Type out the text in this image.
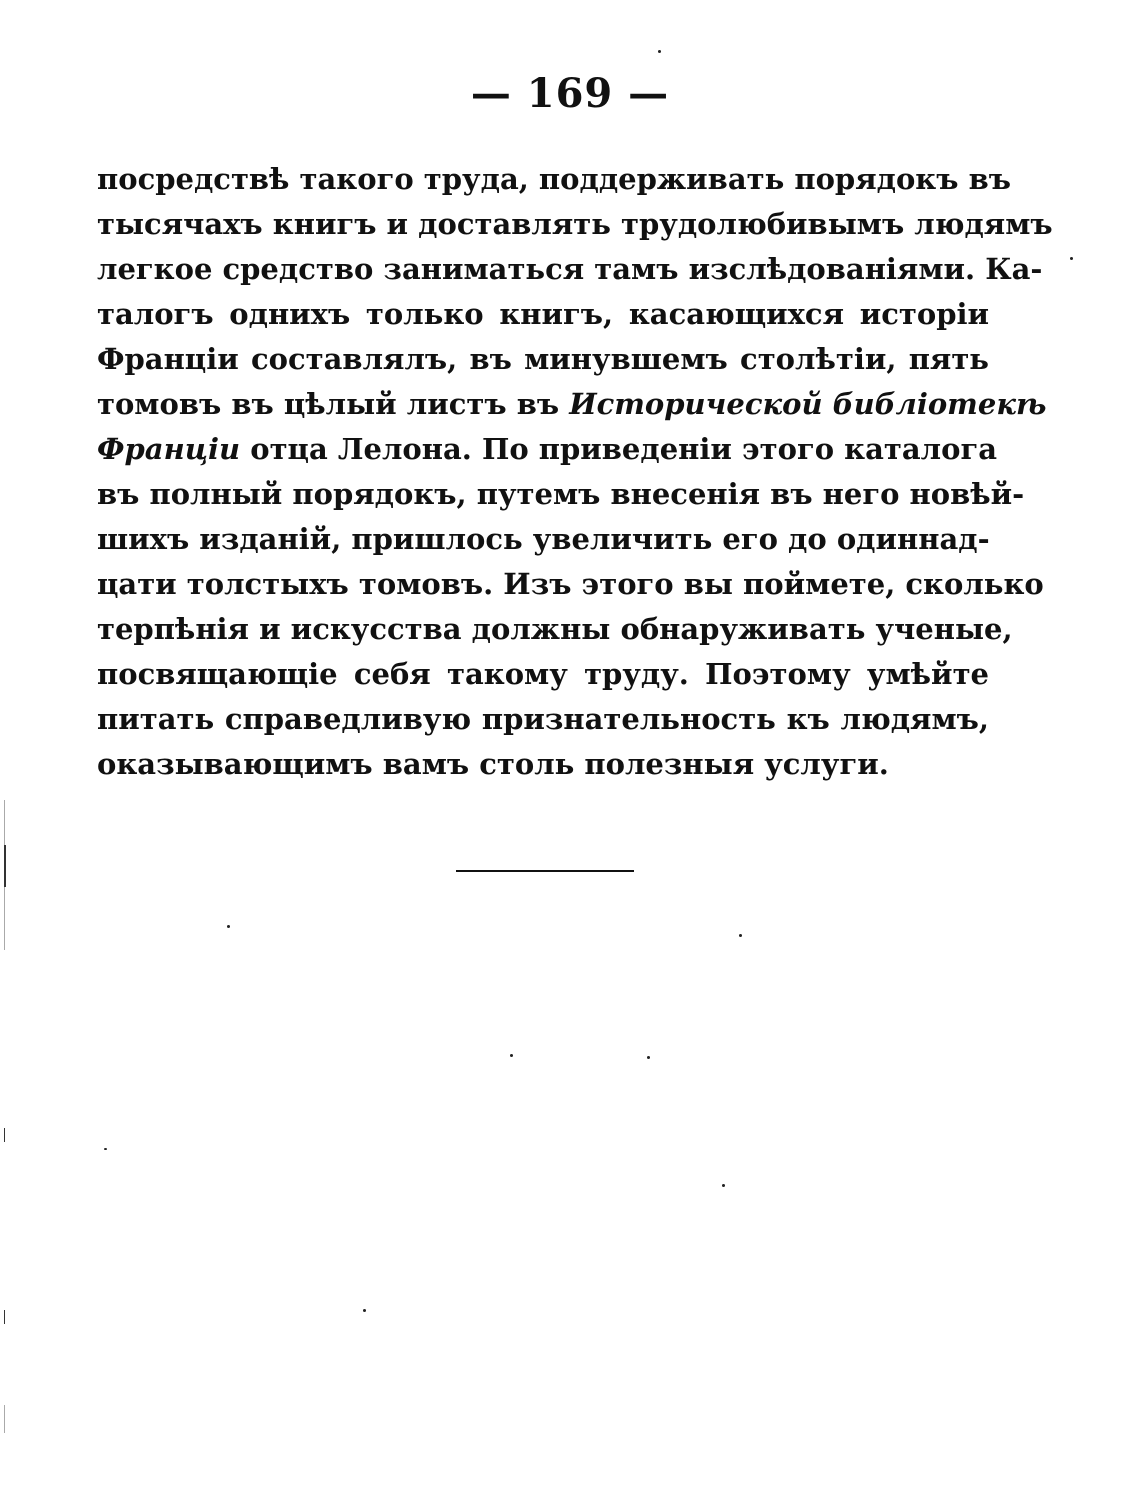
— 169 —
посредствѣ такого труда, поддерживать порядокъ въ
тысячахъ книгъ и доставлять трудолюбивымъ людямъ
легкое средство заниматься тамъ изслѣдованіями. Ка-
талогъ однихъ только книгъ, касающихся исторіи
Франціи составлялъ, въ минувшемъ столѣтіи, пять
томовъ въ цѣлый листъ въ Исторической библіотекѣ
Франціи отца Лелона. По приведеніи этого каталога
въ полный порядокъ, путемъ внесенія въ него новѣй-
шихъ изданій, пришлось увеличить его до одиннад-
цати толстыхъ томовъ. Изъ этого вы поймете, сколько
терпѣнія и искусства должны обнаруживать ученые,
посвящающіе себя такому труду. Поэтому умѣйте
питать справедливую признательность къ людямъ,
оказывающимъ вамъ столь полезныя услуги.
